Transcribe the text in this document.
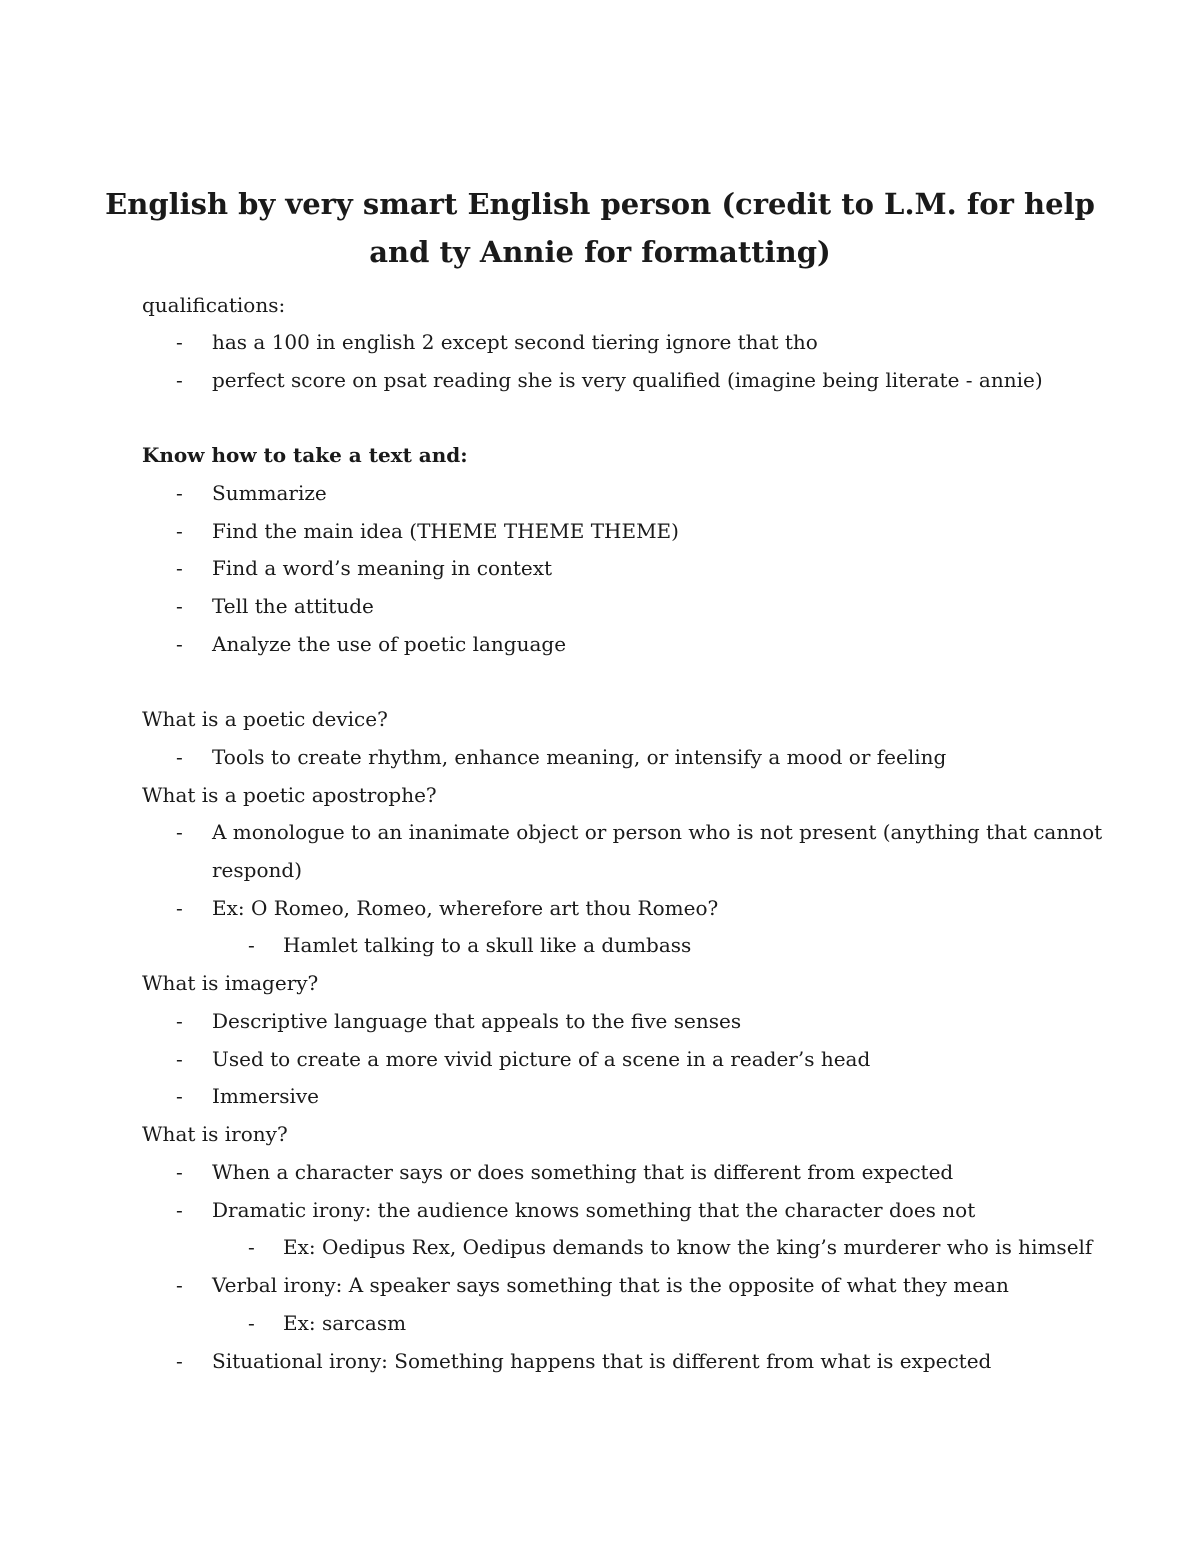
English by very smart English person (credit to L.M. for help
and ty Annie for formatting)
qualifications:
- has a 100 in english 2 except second tiering ignore that tho
- perfect score on psat reading she is very qualified (imagine being literate - annie)
Know how to take a text and:
- Summarize
- Find the main idea (THEME THEME THEME)
- Find a word’s meaning in context
- Tell the attitude
- Analyze the use of poetic language
What is a poetic device?
- Tools to create rhythm, enhance meaning, or intensify a mood or feeling
What is a poetic apostrophe?
- A monologue to an inanimate object or person who is not present (anything that cannot
respond)
- Ex: O Romeo, Romeo, wherefore art thou Romeo?
- Hamlet talking to a skull like a dumbass
What is imagery?
- Descriptive language that appeals to the five senses
- Used to create a more vivid picture of a scene in a reader’s head
- Immersive
What is irony?
- When a character says or does something that is different from expected
- Dramatic irony: the audience knows something that the character does not
- Ex: Oedipus Rex, Oedipus demands to know the king’s murderer who is himself
- Verbal irony: A speaker says something that is the opposite of what they mean
- Ex: sarcasm
- Situational irony: Something happens that is different from what is expected
